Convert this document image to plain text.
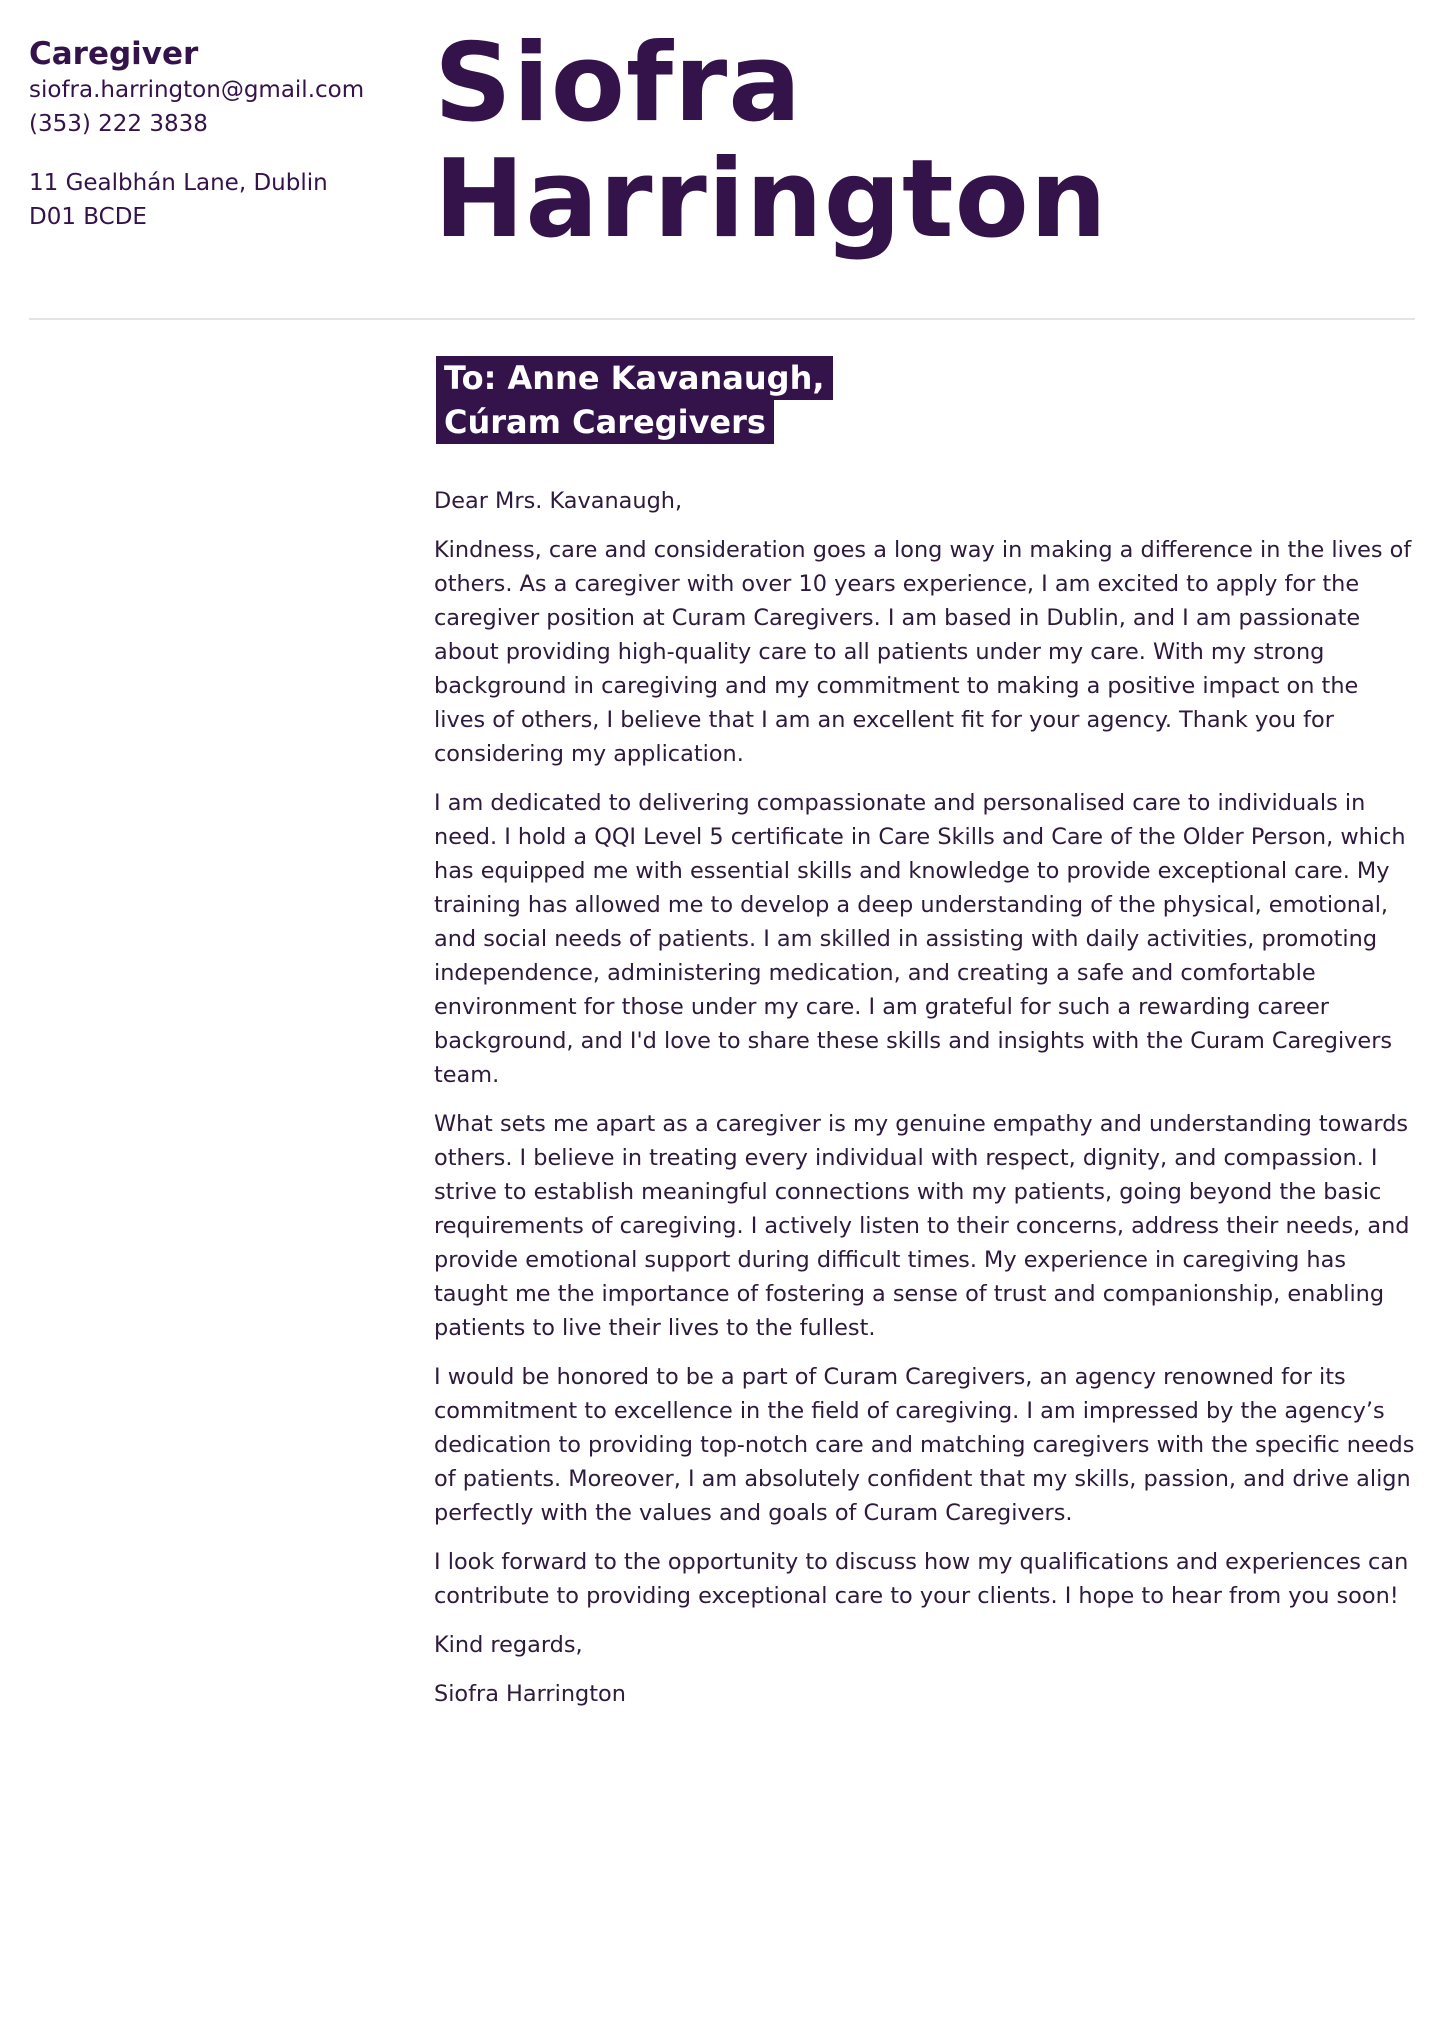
Caregiver

siofra.harrington@gmail.com

(353) 222 3838

11 Gealbhán Lane, Dublin D01 BCDE

Siofra

Harrington

To: Anne Kavanaugh,
Cúram Caregivers

Dear Mrs. Kavanaugh,

Kindness, care and consideration goes a long way in making a difference in the lives of others. As a caregiver with over 10 years experience, I am excited to apply for the caregiver position at Curam Caregivers. I am based in Dublin, and I am passionate about providing high-quality care to all patients under my care. With my strong background in caregiving and my commitment to making a positive impact on the lives of others, I believe that I am an excellent fit for your agency. Thank you for considering my application.

I am dedicated to delivering compassionate and personalised care to individuals in need. I hold a QQI Level 5 certificate in Care Skills and Care of the Older Person, which has equipped me with essential skills and knowledge to provide exceptional care. My training has allowed me to develop a deep understanding of the physical, emotional, and social needs of patients. I am skilled in assisting with daily activities, promoting independence, administering medication, and creating a safe and comfortable environment for those under my care. I am grateful for such a rewarding career background, and I'd love to share these skills and insights with the Curam Caregivers team.

What sets me apart as a caregiver is my genuine empathy and understanding towards others. I believe in treating every individual with respect, dignity, and compassion. I strive to establish meaningful connections with my patients, going beyond the basic requirements of caregiving. I actively listen to their concerns, address their needs, and provide emotional support during difficult times. My experience in caregiving has taught me the importance of fostering a sense of trust and companionship, enabling patients to live their lives to the fullest.

I would be honored to be a part of Curam Caregivers, an agency renowned for its commitment to excellence in the field of caregiving. I am impressed by the agency’s dedication to providing top-notch care and matching caregivers with the specific needs of patients. Moreover, I am absolutely confident that my skills, passion, and drive align perfectly with the values and goals of Curam Caregivers.

I look forward to the opportunity to discuss how my qualifications and experiences can contribute to providing exceptional care to your clients. I hope to hear from you soon!

Kind regards,

Siofra Harrington
